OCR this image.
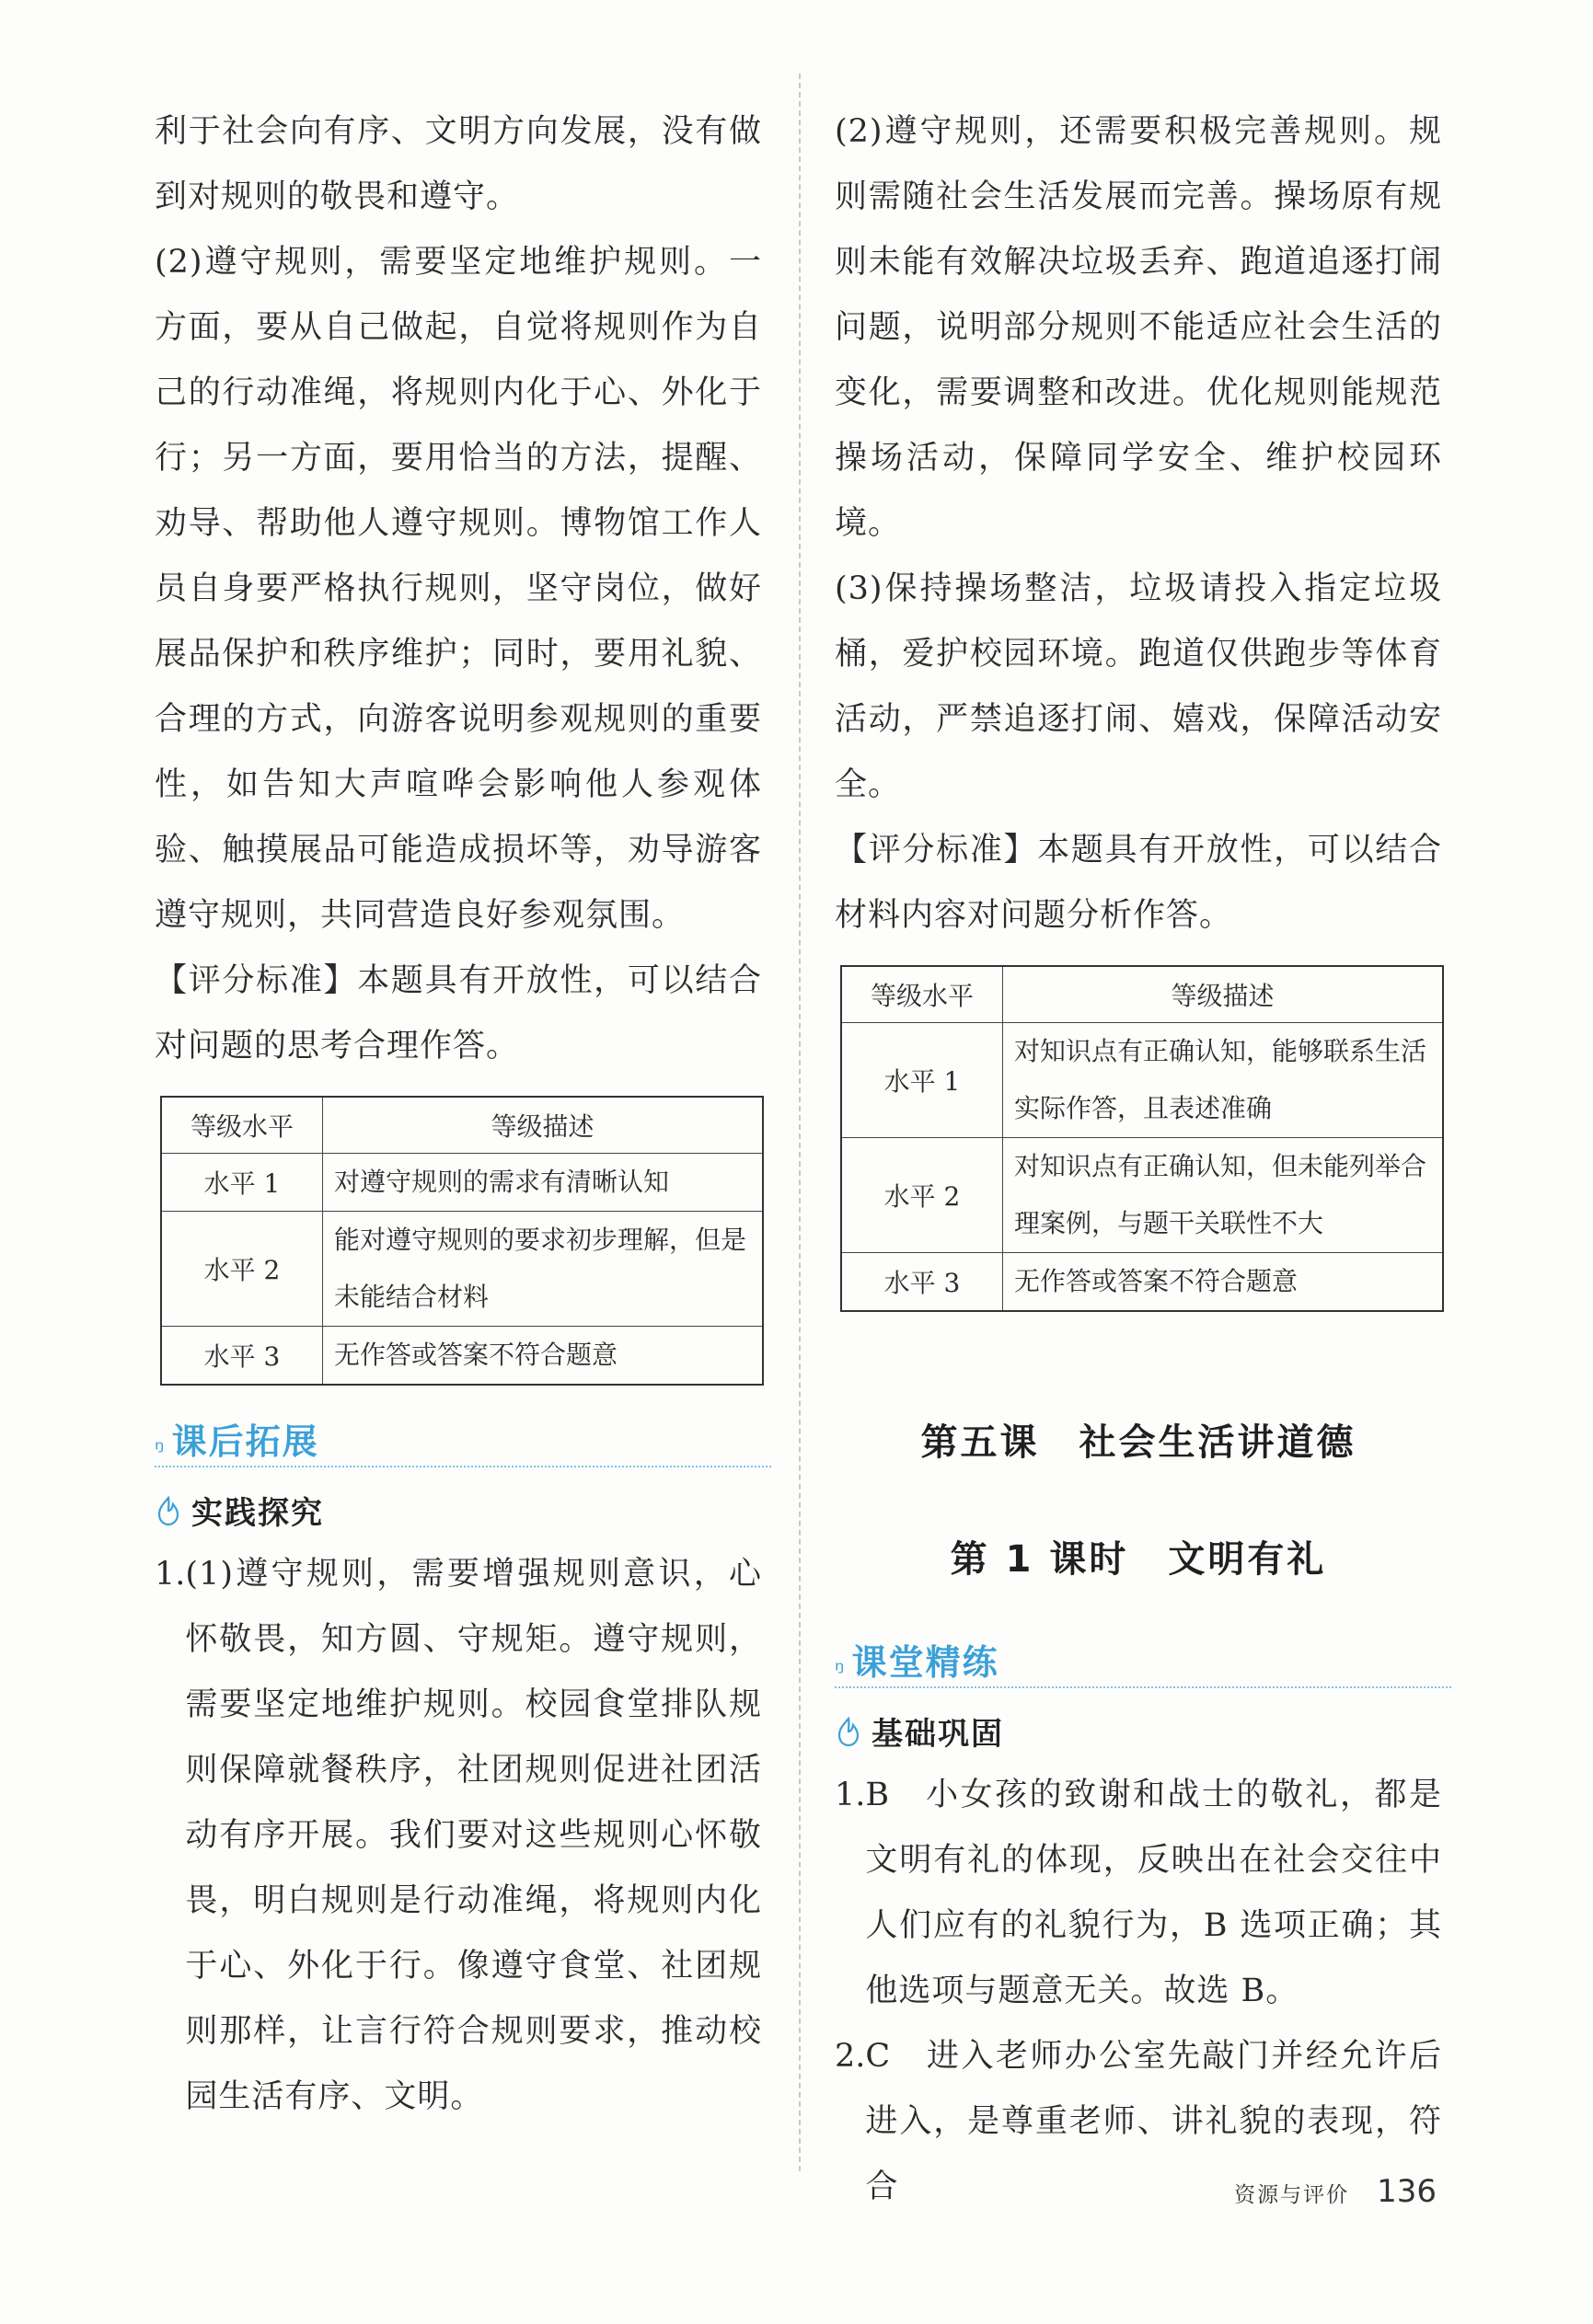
利于社会向有序、文明方向发展，没有做到对规则的敬畏和遵守。

(2)遵守规则，需要坚定地维护规则。一方面，要从自己做起，自觉将规则作为自己的行动准绳，将规则内化于心、外化于行；另一方面，要用恰当的方法，提醒、劝导、帮助他人遵守规则。博物馆工作人员自身要严格执行规则，坚守岗位，做好展品保护和秩序维护；同时，要用礼貌、合理的方式，向游客说明参观规则的重要性，如告知大声喧哗会影响他人参观体验、触摸展品可能造成损坏等，劝导游客遵守规则，共同营造良好参观氛围。

【评分标准】本题具有开放性，可以结合对问题的思考合理作答。

等级水平	等级描述
水平 1	对遵守规则的需求有清晰认知
水平 2	能对遵守规则的要求初步理解，但是未能结合材料
水平 3	无作答或答案不符合题意
ᵑ 课后拓展
实践探究
1. (1)遵守规则，需要增强规则意识，心怀敬畏，知方圆、守规矩。遵守规则，需要坚定地维护规则。校园食堂排队规则保障就餐秩序，社团规则促进社团活动有序开展。我们要对这些规则心怀敬畏，明白规则是行动准绳，将规则内化于心、外化于行。像遵守食堂、社团规则那样，让言行符合规则要求，推动校园生活有序、文明。

(2)遵守规则，还需要积极完善规则。规则需随社会生活发展而完善。操场原有规则未能有效解决垃圾丢弃、跑道追逐打闹问题，说明部分规则不能适应社会生活的变化，需要调整和改进。优化规则能规范操场活动，保障同学安全、维护校园环境。

(3)保持操场整洁，垃圾请投入指定垃圾桶，爱护校园环境。跑道仅供跑步等体育活动，严禁追逐打闹、嬉戏，保障活动安全。

【评分标准】本题具有开放性，可以结合材料内容对问题分析作答。

等级水平	等级描述
水平 1	对知识点有正确认知，能够联系生活实际作答，且表述准确
水平 2	对知识点有正确认知，但未能列举合理案例，与题干关联性不大
水平 3	无作答或答案不符合题意
第五课　社会生活讲道德
第 1 课时　文明有礼
ᵑ 课堂精练
基础巩固
1. B　小女孩的致谢和战士的敬礼，都是文明有礼的体现，反映出在社会交往中人们应有的礼貌行为，B 选项正确；其他选项与题意无关。故选 B。

2. C　进入老师办公室先敲门并经允许后进入，是尊重老师、讲礼貌的表现，符合	资源与评价 136
